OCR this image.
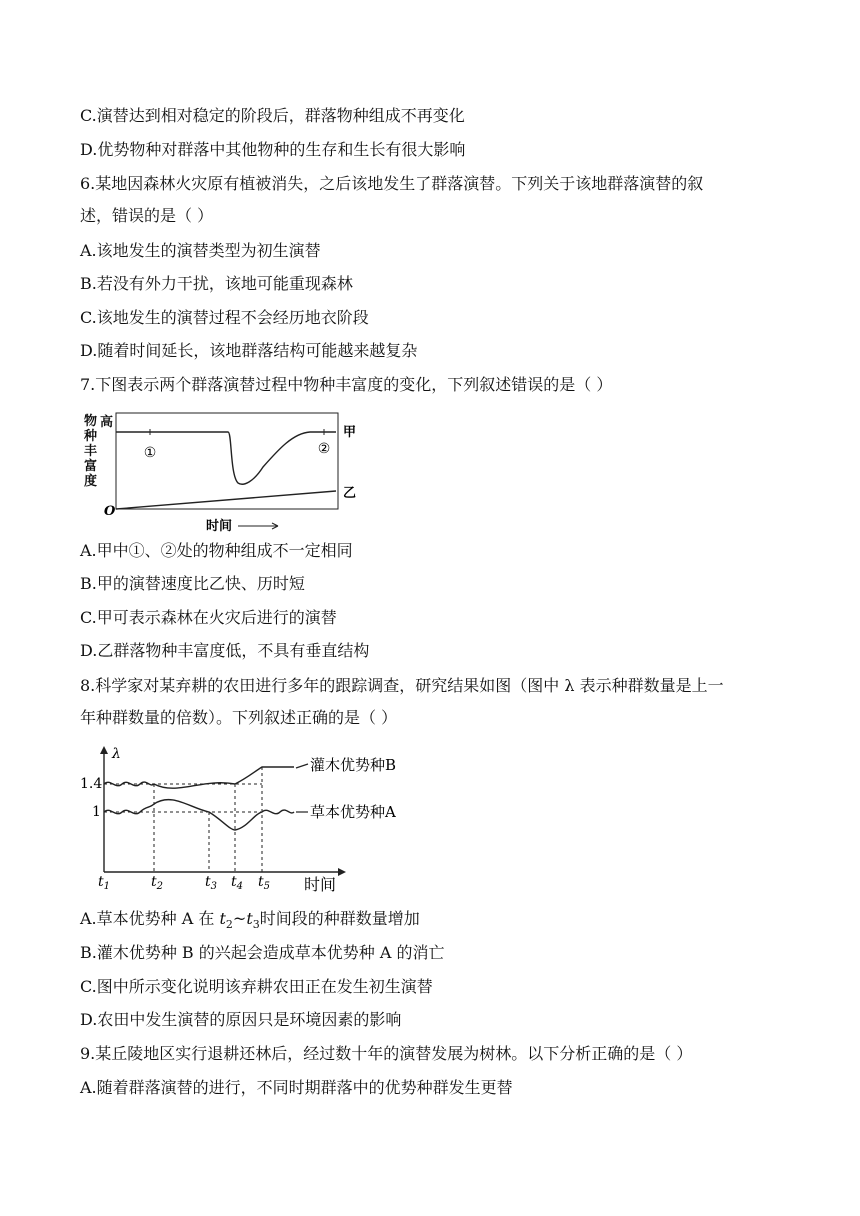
C.演替达到相对稳定的阶段后，群落物种组成不再变化
D.优势物种对群落中其他物种的生存和生长有很大影响
6.某地因森林火灾原有植被消失，之后该地发生了群落演替。下列关于该地群落演替的叙
述，错误的是（ ）
A.该地发生的演替类型为初生演替
B.若没有外力干扰，该地可能重现森林
C.该地发生的演替过程不会经历地衣阶段
D.随着时间延长，该地群落结构可能越来越复杂
7.下图表示两个群落演替过程中物种丰富度的变化，下列叙述错误的是（ ）
物
种
丰
富
度
高
O
①	②
甲
乙
时间
A.甲中①、②处的物种组成不一定相同
B.甲的演替速度比乙快、历时短
C.甲可表示森林在火灾后进行的演替
D.乙群落物种丰富度低，不具有垂直结构
8.科学家对某弃耕的农田进行多年的跟踪调查，研究结果如图（图中 λ 表示种群数量是上一
年种群数量的倍数）。下列叙述正确的是（ ）
λ
1.4
1
灌木优势种B
草本优势种A
$t_1$	$t_2$	$t_3$ $t_4$ $t_5$ 时间
A.草本优势种 A 在 $t_2\sim t_3$时间段的种群数量增加
B.灌木优势种 B 的兴起会造成草本优势种 A 的消亡
C.图中所示变化说明该弃耕农田正在发生初生演替
D.农田中发生演替的原因只是环境因素的影响
9.某丘陵地区实行退耕还林后，经过数十年的演替发展为树林。以下分析正确的是（ ）
A.随着群落演替的进行，不同时期群落中的优势种群发生更替
